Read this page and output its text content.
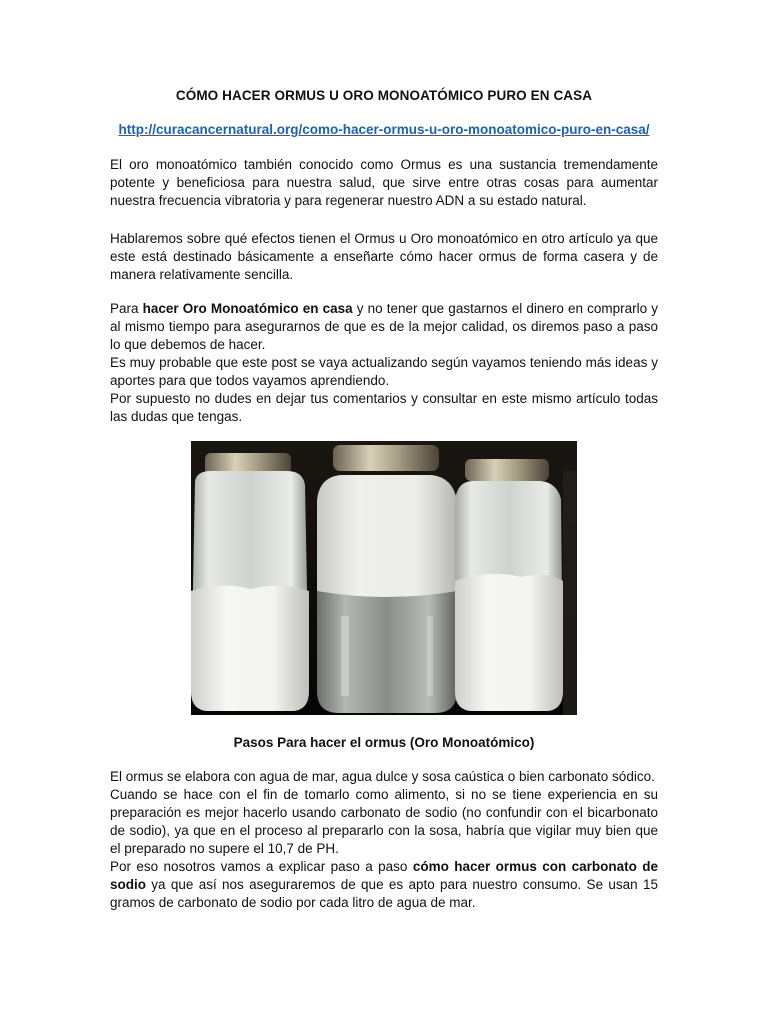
CÓMO HACER ORMUS U ORO MONOATÓMICO PURO EN CASA
http://curacancernatural.org/como-hacer-ormus-u-oro-monoatomico-puro-en-casa/

El oro monoatómico también conocido como Ormus es una sustancia tremendamente potente y beneficiosa para nuestra salud, que sirve entre otras cosas para aumentar nuestra frecuencia vibratoria y para regenerar nuestro ADN a su estado natural.

Hablaremos sobre qué efectos tienen el Ormus u Oro monoatómico en otro artículo ya que este está destinado básicamente a enseñarte cómo hacer ormus de forma casera y de manera relativamente sencilla.

Para hacer Oro Monoatómico en casa y no tener que gastarnos el dinero en comprarlo y al mismo tiempo para asegurarnos de que es de la mejor calidad, os diremos paso a paso lo que debemos de hacer.

Es muy probable que este post se vaya actualizando según vayamos teniendo más ideas y aportes para que todos vayamos aprendiendo.

Por supuesto no dudes en dejar tus comentarios y consultar en este mismo artículo todas las dudas que tengas.

Pasos Para hacer el ormus (Oro Monoatómico)

El ormus se elabora con agua de mar, agua dulce y sosa caústica o bien carbonato sódico.

Cuando se hace con el fin de tomarlo como alimento, si no se tiene experiencia en su preparación es mejor hacerlo usando carbonato de sodio (no confundir con el bicarbonato de sodio), ya que en el proceso al prepararlo con la sosa, habría que vigilar muy bien que el preparado no supere el 10,7 de PH.

Por eso nosotros vamos a explicar paso a paso cómo hacer ormus con carbonato de sodio ya que así nos aseguraremos de que es apto para nuestro consumo. Se usan 15 gramos de carbonato de sodio por cada litro de agua de mar.
